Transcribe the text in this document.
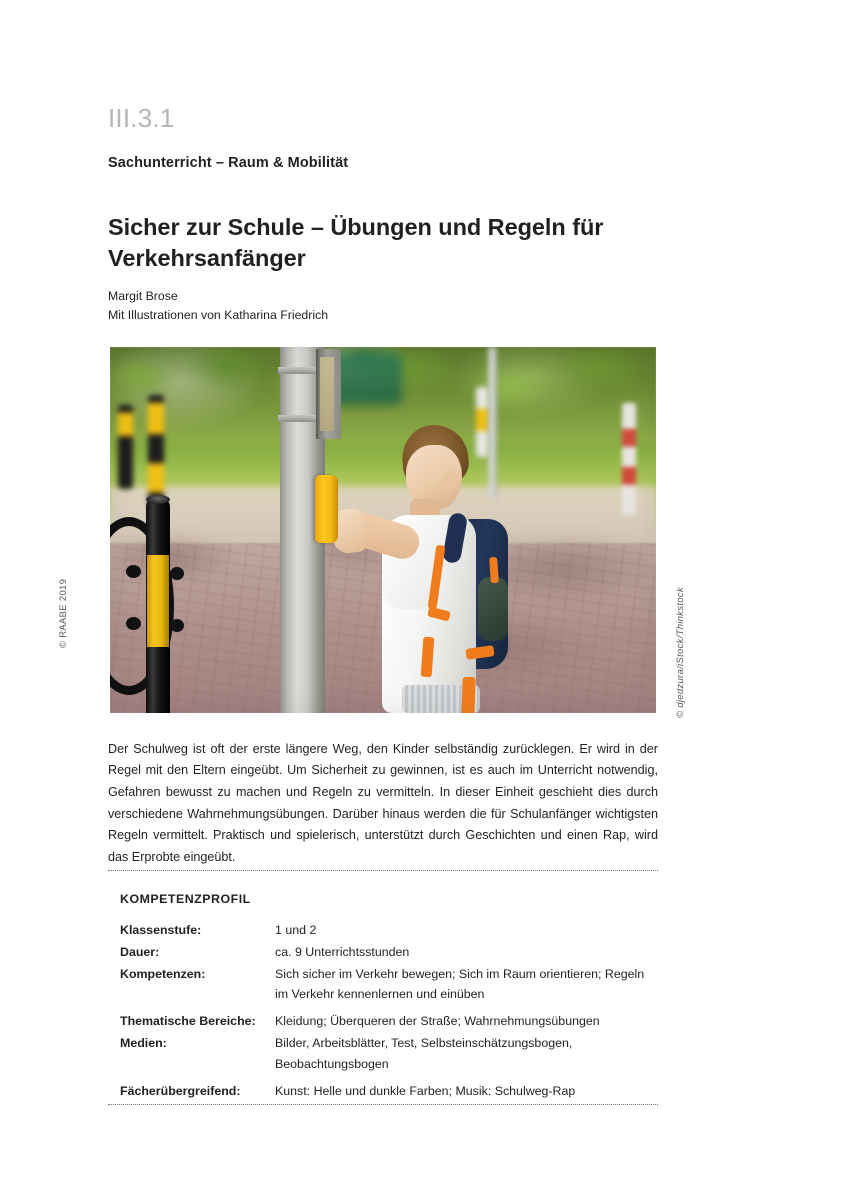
© RAABE 2019	© djedzura/iStock/Thinkstock
III.3.1
Sachunterricht – Raum & Mobilität
Sicher zur Schule – Übungen und Regeln für Verkehrsanfänger
Margit Brose
Mit Illustrationen von Katharina Friedrich

Der Schulweg ist oft der erste längere Weg, den Kinder selbständig zurücklegen. Er wird in der Regel mit den Eltern eingeübt. Um Sicherheit zu gewinnen, ist es auch im Unterricht notwendig, Gefahren bewusst zu machen und Regeln zu vermitteln. In dieser Einheit geschieht dies durch verschiedene Wahrnehmungsübungen. Darüber hinaus werden die für Schulanfänger wichtigsten Regeln vermittelt. Praktisch und spielerisch, unterstützt durch Geschichten und einen Rap, wird das Erprobte eingeübt.

KOMPETENZPROFIL
Klassenstufe:	1 und 2
Dauer:	ca. 9 Unterrichtsstunden
Kompetenzen:	Sich sicher im Verkehr bewegen; Sich im Raum orientieren; Regeln im Verkehr kennenlernen und einüben
Thematische Bereiche:	Kleidung; Überqueren der Straße; Wahrnehmungsübungen
Medien:	Bilder, Arbeitsblätter, Test, Selbsteinschätzungsbogen, Beobachtungsbogen
Fächerübergreifend:	Kunst: Helle und dunkle Farben; Musik: Schulweg-Rap
